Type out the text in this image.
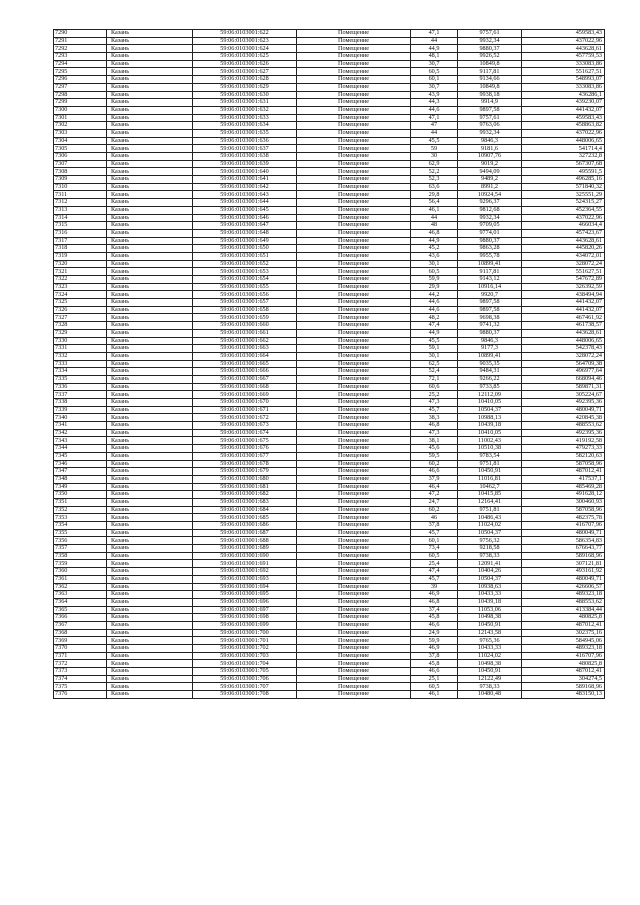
7290	Казань	59:06:0103001:622	Помещение	47,1	9757,61	459583,43
7291	Казань	59:06:0103001:623	Помещение	44	9932,34	437022,96
7292	Казань	59:06:0103001:624	Помещение	44,9	9880,37	443628,61
7293	Казань	59:06:0103001:625	Помещение	48,1	9926,52	457759,53
7294	Казань	59:06:0103001:626	Помещение	30,7	10849,8	333083,86
7295	Казань	59:06:0103001:627	Помещение	60,5	9117,81	551627,51
7296	Казань	59:06:0103001:628	Помещение	60,1	9134,66	548993,07
7297	Казань	59:06:0103001:629	Помещение	30,7	10849,8	333083,86
7298	Казань	59:06:0103001:630	Помещение	43,9	9938,18	436286,1
7299	Казань	59:06:0103001:631	Помещение	44,3	9914,9	439230,07
7300	Казань	59:06:0103001:632	Помещение	44,6	9897,58	441432,07
7301	Казань	59:06:0103001:633	Помещение	47,1	9757,61	459583,43
7302	Казань	59:06:0103001:634	Помещение	47	9763,06	458863,82
7303	Казань	59:06:0103001:635	Помещение	44	9932,34	437022,96
7304	Казань	59:06:0103001:636	Помещение	45,5	9846,3	448006,65
7305	Казань	59:06:0103001:637	Помещение	59	9181,6	541714,4
7306	Казань	59:06:0103001:638	Помещение	30	10907,76	327232,8
7307	Казань	59:06:0103001:639	Помещение	62,9	9019,2	567307,68
7308	Казань	59:06:0103001:640	Помещение	52,2	9494,09	495591,5
7309	Казань	59:06:0103001:641	Помещение	52,3	9489,2	496285,16
7310	Казань	59:06:0103001:642	Помещение	63,6	8991,2	571840,32
7311	Казань	59:06:0103001:643	Помещение	29,8	10924,54	325551,29
7312	Казань	59:06:0103001:644	Помещение	56,4	9296,37	524315,27
7313	Казань	59:06:0103001:645	Помещение	46,1	9812,68	452364,55
7314	Казань	59:06:0103001:646	Помещение	44	9932,34	437022,96
7315	Казань	59:06:0103001:647	Помещение	48	9709,05	466034,4
7316	Казань	59:06:0103001:648	Помещение	46,8	9774,01	457423,67
7317	Казань	59:06:0103001:649	Помещение	44,9	9880,37	443628,61
7318	Казань	59:06:0103001:650	Помещение	45,2	9863,28	445820,26
7319	Казань	59:06:0103001:651	Помещение	43,6	9955,78	434072,01
7320	Казань	59:06:0103001:652	Помещение	30,1	10899,41	328072,24
7321	Казань	59:06:0103001:653	Помещение	60,5	9117,81	551627,51
7322	Казань	59:06:0103001:654	Помещение	59,9	9143,12	547672,89
7323	Казань	59:06:0103001:655	Помещение	29,9	10916,14	326392,59
7324	Казань	59:06:0103001:656	Помещение	44,2	9920,7	438494,94
7325	Казань	59:06:0103001:657	Помещение	44,6	9897,58	441432,07
7326	Казань	59:06:0103001:658	Помещение	44,6	9897,58	441432,07
7327	Казань	59:06:0103001:659	Помещение	48,2	9698,38	467461,92
7328	Казань	59:06:0103001:660	Помещение	47,4	9741,32	461738,57
7329	Казань	59:06:0103001:661	Помещение	44,9	9880,37	443628,61
7330	Казань	59:06:0103001:662	Помещение	45,5	9846,3	448006,65
7331	Казань	59:06:0103001:663	Помещение	59,1	9177,3	542378,43
7332	Казань	59:06:0103001:664	Помещение	30,1	10899,41	328072,24
7333	Казань	59:06:0103001:665	Помещение	62,5	9035,35	564709,38
7334	Казань	59:06:0103001:666	Помещение	52,4	9484,31	496977,64
7335	Казань	59:06:0103001:667	Помещение	72,1	9266,22	668094,46
7336	Казань	59:06:0103001:668	Помещение	60,6	9733,85	589871,31
7337	Казань	59:06:0103001:669	Помещение	25,2	12112,09	305224,67
7338	Казань	59:06:0103001:670	Помещение	47,3	10410,05	492395,36
7339	Казань	59:06:0103001:671	Помещение	45,7	10504,37	480049,71
7340	Казань	59:06:0103001:672	Помещение	38,3	10988,13	420845,38
7341	Казань	59:06:0103001:673	Помещение	46,8	10439,18	488553,62
7342	Казань	59:06:0103001:674	Помещение	47,3	10410,05	492395,36
7343	Казань	59:06:0103001:675	Помещение	38,1	11002,43	419192,58
7344	Казань	59:06:0103001:676	Помещение	45,6	10510,38	479273,33
7345	Казань	59:06:0103001:677	Помещение	59,5	9783,54	582120,63
7346	Казань	59:06:0103001:678	Помещение	60,2	9751,81	587058,96
7347	Казань	59:06:0103001:679	Помещение	46,6	10450,91	487012,41
7348	Казань	59:06:0103001:680	Помещение	37,9	11016,81	417537,1
7349	Казань	59:06:0103001:681	Помещение	46,4	10462,7	485469,28
7350	Казань	59:06:0103001:682	Помещение	47,2	10415,85	491628,12
7351	Казань	59:06:0103001:683	Помещение	24,7	12164,41	300460,93
7352	Казань	59:06:0103001:684	Помещение	60,2	9751,81	587058,96
7353	Казань	59:06:0103001:685	Помещение	46	10486,43	482375,78
7354	Казань	59:06:0103001:686	Помещение	37,8	11024,02	416707,96
7355	Казань	59:06:0103001:687	Помещение	45,7	10504,37	480049,71
7356	Казань	59:06:0103001:688	Помещение	60,1	9756,32	586354,83
7357	Казань	59:06:0103001:689	Помещение	73,4	9218,58	676643,77
7358	Казань	59:06:0103001:690	Помещение	60,5	9738,33	589168,96
7359	Казань	59:06:0103001:691	Помещение	25,4	12091,41	307121,81
7360	Казань	59:06:0103001:692	Помещение	47,4	10404,26	493161,92
7361	Казань	59:06:0103001:693	Помещение	45,7	10504,37	480049,71
7362	Казань	59:06:0103001:694	Помещение	39	10938,63	426606,57
7363	Казань	59:06:0103001:695	Помещение	46,9	10433,33	489323,18
7364	Казань	59:06:0103001:696	Помещение	46,8	10439,18	488553,62
7365	Казань	59:06:0103001:697	Помещение	37,4	11053,06	413384,44
7366	Казань	59:06:0103001:698	Помещение	45,8	10498,38	480825,8
7367	Казань	59:06:0103001:699	Помещение	46,6	10450,91	487012,41
7368	Казань	59:06:0103001:700	Помещение	24,9	12143,58	302375,16
7369	Казань	59:06:0103001:701	Помещение	59,9	9765,36	584945,06
7370	Казань	59:06:0103001:702	Помещение	46,9	10433,33	489323,18
7371	Казань	59:06:0103001:703	Помещение	37,8	11024,02	416707,96
7372	Казань	59:06:0103001:704	Помещение	45,8	10498,38	480825,8
7373	Казань	59:06:0103001:705	Помещение	46,6	10450,91	487012,41
7374	Казань	59:06:0103001:706	Помещение	25,1	12122,49	304274,5
7375	Казань	59:06:0103001:707	Помещение	60,5	9738,33	589168,96
7376	Казань	59:06:0103001:708	Помещение	46,1	10480,48	483150,13
